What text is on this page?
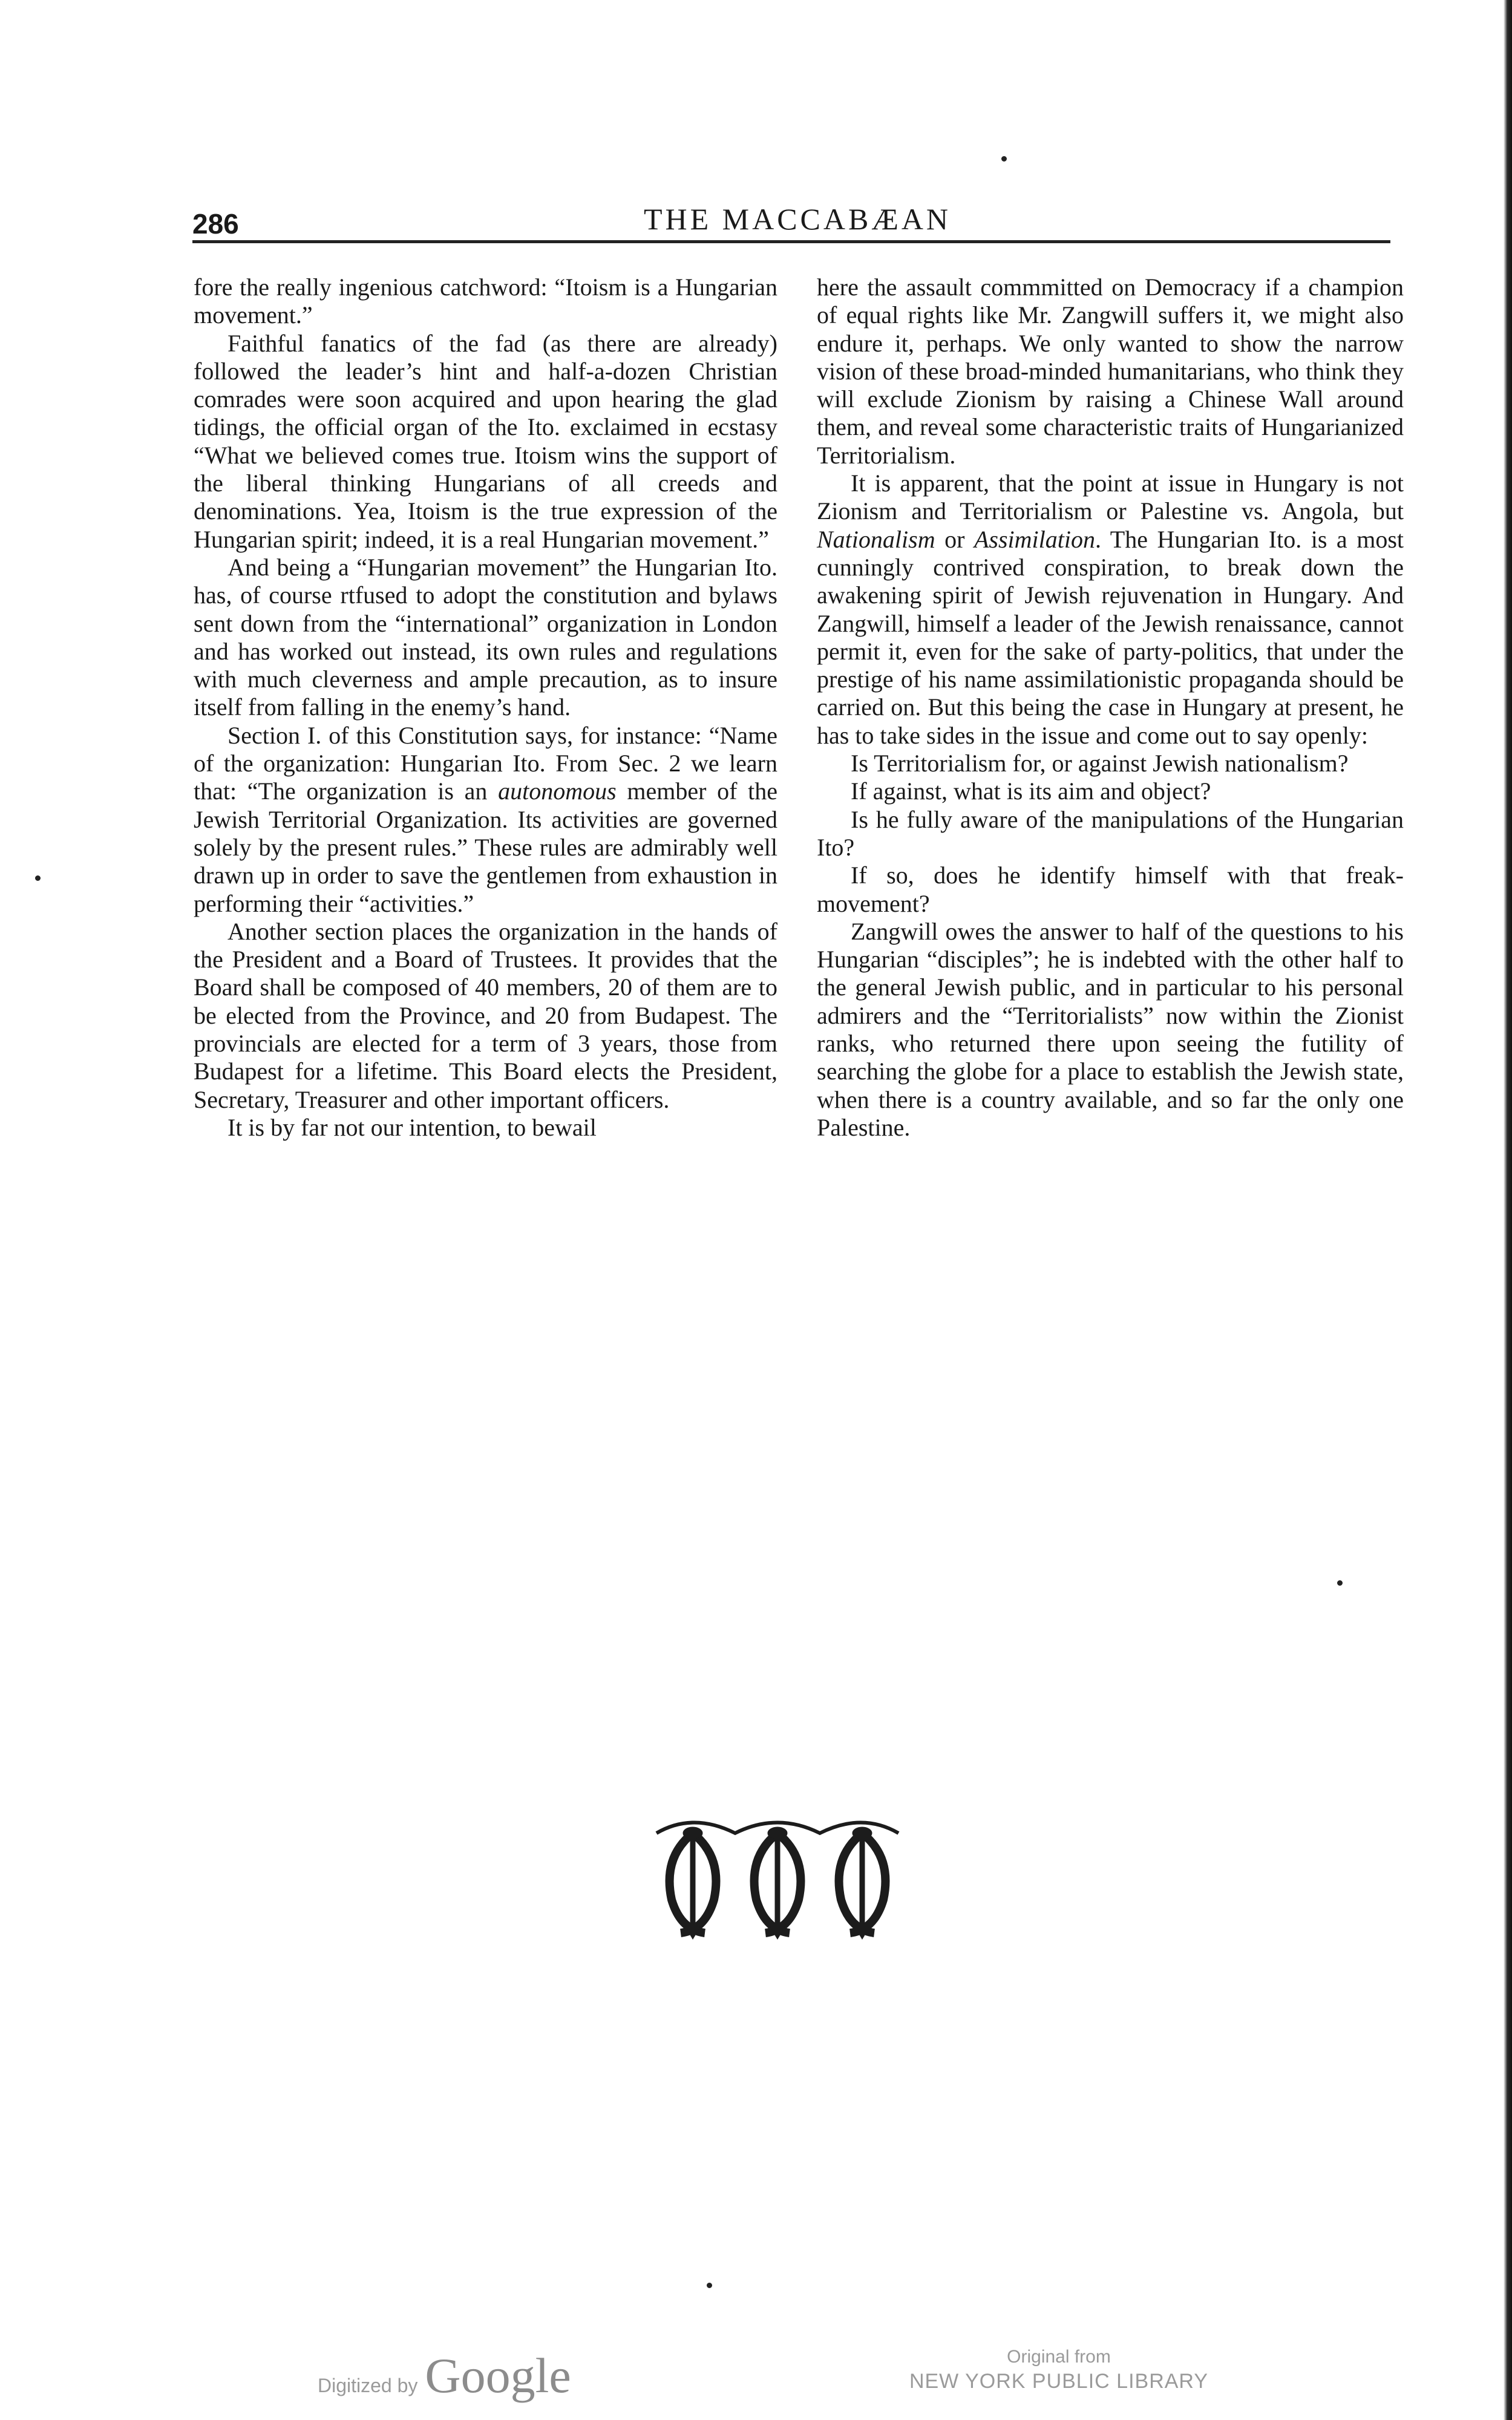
286	THE MACCABÆAN

fore the really ingenious catchword: “Itoism is a Hungarian movement.”

Faithful fanatics of the fad (as there are already) followed the leader’s hint and half-a-dozen Christian comrades were soon acquired and upon hearing the glad tidings, the official organ of the Ito. exclaimed in ecstasy “What we believed comes true. Itoism wins the support of the liberal thinking Hungarians of all creeds and denominations. Yea, Itoism is the true expression of the Hungarian spirit; indeed, it is a real Hungarian movement.”

And being a “Hungarian movement” the Hungarian Ito. has, of course rtfused to adopt the constitution and bylaws sent down from the “international” organization in London and has worked out instead, its own rules and regulations with much cleverness and ample precaution, as to insure itself from falling in the enemy’s hand.

Section I. of this Constitution says, for instance: “Name of the organization: Hungarian Ito. From Sec. 2 we learn that: “The organization is an autonomous member of the Jewish Territorial Organization. Its activities are governed solely by the present rules.” These rules are admirably well drawn up in order to save the gentlemen from exhaustion in performing their “activities.”

Another section places the organization in the hands of the President and a Board of Trustees. It provides that the Board shall be composed of 40 members, 20 of them are to be elected from the Province, and 20 from Budapest. The provincials are elected for a term of 3 years, those from Budapest for a lifetime. This Board elects the President, Secretary, Treasurer and other important officers.

It is by far not our intention, to bewail

here the assault commmitted on Democracy if a champion of equal rights like Mr. Zangwill suffers it, we might also endure it, perhaps. We only wanted to show the narrow vision of these broad-minded humanitarians, who think they will exclude Zionism by raising a Chinese Wall around them, and reveal some characteristic traits of Hungarianized Territorialism.

It is apparent, that the point at issue in Hungary is not Zionism and Territorialism or Palestine vs. Angola, but Nationalism or Assimilation. The Hungarian Ito. is a most cunningly contrived conspiration, to break down the awakening spirit of Jewish rejuvenation in Hungary. And Zangwill, himself a leader of the Jewish renaissance, cannot permit it, even for the sake of party-politics, that under the prestige of his name assimilationistic propaganda should be carried on. But this being the case in Hungary at present, he has to take sides in the issue and come out to say openly:

Is Territorialism for, or against Jewish nationalism?

If against, what is its aim and object?

Is he fully aware of the manipulations of the Hungarian Ito?

If so, does he identify himself with that freak-movement?

Zangwill owes the answer to half of the questions to his Hungarian “disciples”; he is indebted with the other half to the general Jewish public, and in particular to his personal admirers and the “Territorialists” now within the Zionist ranks, who returned there upon seeing the futility of searching the globe for a place to establish the Jewish state, when there is a country available, and so far the only one Palestine.

Digitized by Google	Original from
NEW YORK PUBLIC LIBRARY
